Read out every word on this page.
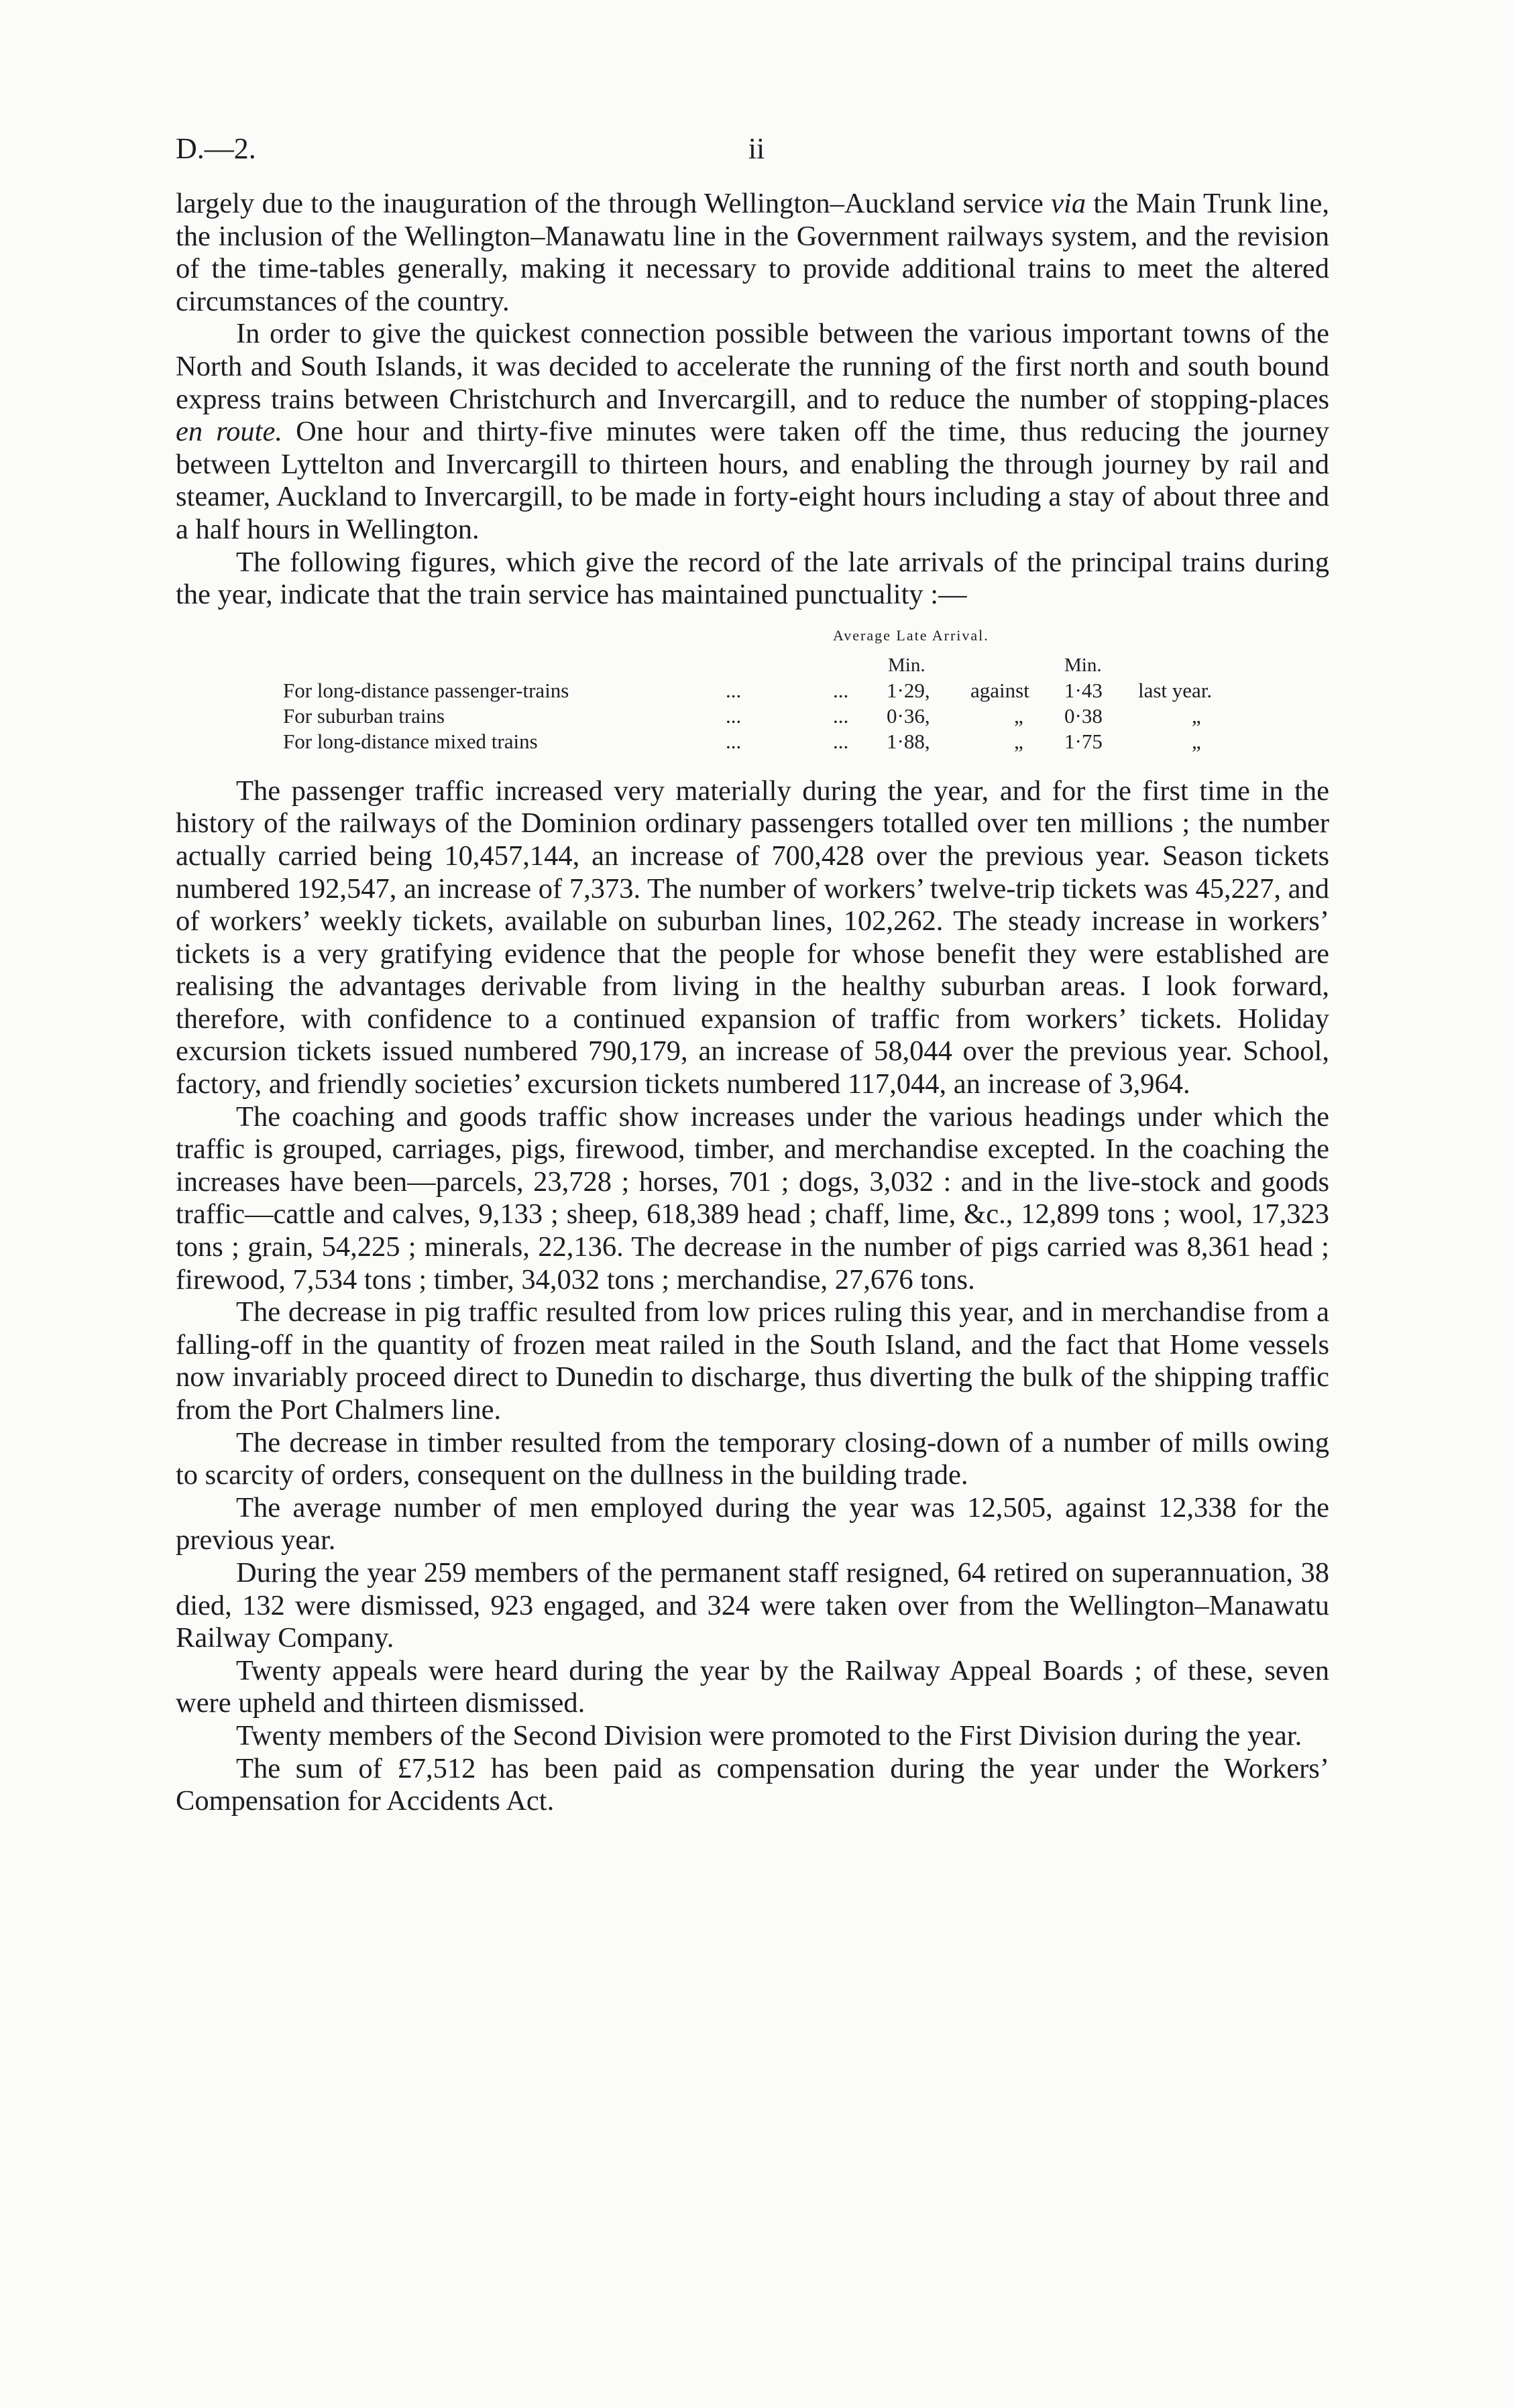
D.—2.	ii

largely due to the inauguration of the through Wellington–Auckland service via the Main Trunk line, the inclusion of the Wellington–Manawatu line in the Government railways system, and the revision of the time-tables generally, making it necessary to provide additional trains to meet the altered circumstances of the country.

In order to give the quickest connection possible between the various important towns of the North and South Islands, it was decided to accelerate the running of the first north and south bound express trains between Christchurch and Invercargill, and to reduce the number of stopping-places en route. One hour and thirty-five minutes were taken off the time, thus reducing the journey between Lyttelton and Invercargill to thirteen hours, and enabling the through journey by rail and steamer, Auckland to Invercargill, to be made in forty-eight hours including a stay of about three and a half hours in Wellington.

The following figures, which give the record of the late arrivals of the principal trains during the year, indicate that the train service has maintained punctuality :—

Average Late Arrival.
Min.	Min.
For long-distance passenger-trains	...	... 1·29, against 1·43 last year.
For suburban trains	...	... 0·36,	„ 0·38	„
For long-distance mixed trains	...	... 1·88,	„ 1·75	„

The passenger traffic increased very materially during the year, and for the first time in the history of the railways of the Dominion ordinary passengers totalled over ten millions ; the number actually carried being 10,457,144, an increase of 700,428 over the previous year. Season tickets numbered 192,547, an increase of 7,373. The number of workers’ twelve-trip tickets was 45,227, and of workers’ weekly tickets, available on suburban lines, 102,262. The steady increase in workers’ tickets is a very gratifying evidence that the people for whose benefit they were established are realising the advantages derivable from living in the healthy suburban areas. I look forward, therefore, with confidence to a continued expansion of traffic from workers’ tickets. Holiday excursion tickets issued numbered 790,179, an increase of 58,044 over the previous year. School, factory, and friendly societies’ excursion tickets numbered 117,044, an increase of 3,964.

The coaching and goods traffic show increases under the various headings under which the traffic is grouped, carriages, pigs, firewood, timber, and merchandise excepted. In the coaching the increases have been—parcels, 23,728 ; horses, 701 ; dogs, 3,032 : and in the live-stock and goods traffic—cattle and calves, 9,133 ; sheep, 618,389 head ; chaff, lime, &c., 12,899 tons ; wool, 17,323 tons ; grain, 54,225 ; minerals, 22,136. The decrease in the number of pigs carried was 8,361 head ; firewood, 7,534 tons ; timber, 34,032 tons ; merchandise, 27,676 tons.

The decrease in pig traffic resulted from low prices ruling this year, and in merchandise from a falling-off in the quantity of frozen meat railed in the South Island, and the fact that Home vessels now invariably proceed direct to Dunedin to discharge, thus diverting the bulk of the shipping traffic from the Port Chalmers line.

The decrease in timber resulted from the temporary closing-down of a number of mills owing to scarcity of orders, consequent on the dullness in the building trade.

The average number of men employed during the year was 12,505, against 12,338 for the previous year.

During the year 259 members of the permanent staff resigned, 64 retired on superannuation, 38 died, 132 were dismissed, 923 engaged, and 324 were taken over from the Wellington–Manawatu Railway Company.

Twenty appeals were heard during the year by the Railway Appeal Boards ; of these, seven were upheld and thirteen dismissed.

Twenty members of the Second Division were promoted to the First Division during the year.

The sum of £7,512 has been paid as compensation during the year under the Workers’ Compensation for Accidents Act.
